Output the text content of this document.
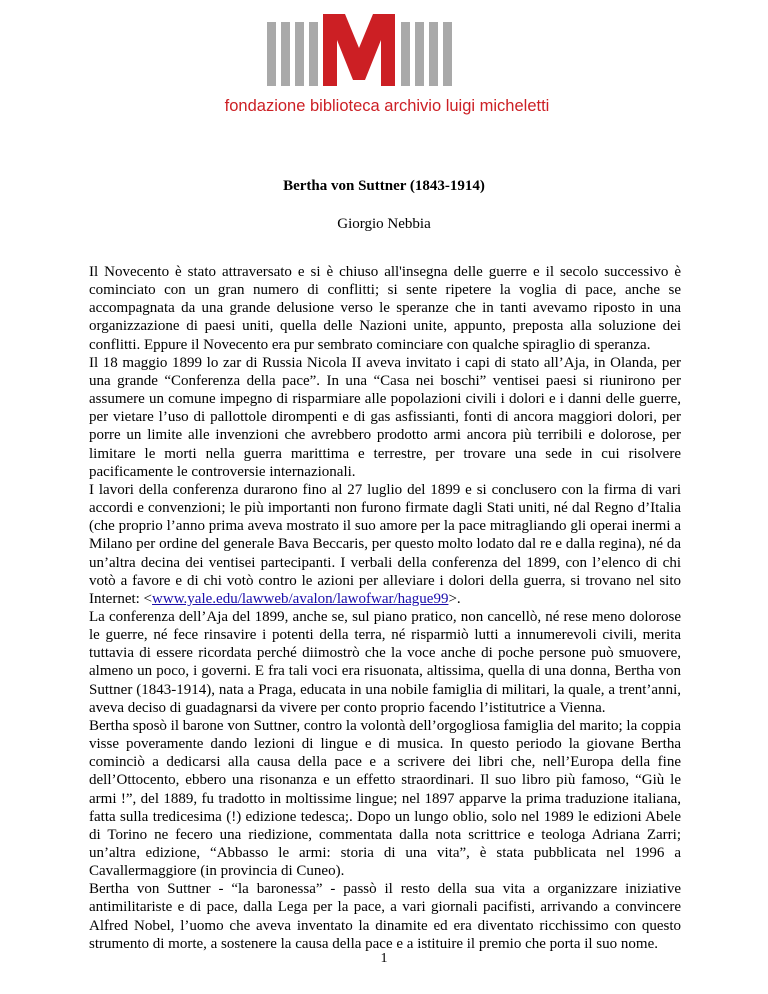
fondazione biblioteca archivio luigi micheletti
Bertha von Suttner (1843-1914)
Giorgio Nebbia

Il Novecento è stato attraversato e si è chiuso all'insegna delle guerre e il secolo successivo è cominciato con un gran numero di conflitti; si sente ripetere la voglia di pace, anche se accompagnata da una grande delusione verso le speranze che in tanti avevamo riposto in una organizzazione di paesi uniti, quella delle Nazioni unite, appunto, preposta alla soluzione dei conflitti. Eppure il Novecento era pur sembrato cominciare con qualche spiraglio di speranza.

Il 18 maggio 1899 lo zar di Russia Nicola II aveva invitato i capi di stato all’Aja, in Olanda, per una grande “Conferenza della pace”. In una “Casa nei boschi” ventisei paesi si riunirono per assumere un comune impegno di risparmiare alle popolazioni civili i dolori e i danni delle guerre, per vietare l’uso di pallottole dirompenti e di gas asfissianti, fonti di ancora maggiori dolori, per porre un limite alle invenzioni che avrebbero prodotto armi ancora più terribili e dolorose, per limitare le morti nella guerra marittima e terrestre, per trovare una sede in cui risolvere pacificamente le controversie internazionali.

I lavori della conferenza durarono fino al 27 luglio del 1899 e si conclusero con la firma di vari accordi e convenzioni; le più importanti non furono firmate dagli Stati uniti, né dal Regno d’Italia (che proprio l’anno prima aveva mostrato il suo amore per la pace mitragliando gli operai inermi a Milano per ordine del generale Bava Beccaris, per questo molto lodato dal re e dalla regina), né da un’altra decina dei ventisei partecipanti. I verbali della conferenza del 1899, con l’elenco di chi votò a favore e di chi votò contro le azioni per alleviare i dolori della guerra, si trovano nel sito Internet: <www.yale.edu/lawweb/avalon/lawofwar/hague99>.

La conferenza dell’Aja del 1899, anche se, sul piano pratico, non cancellò, né rese meno dolorose le guerre, né fece rinsavire i potenti della terra, né risparmiò lutti a innumerevoli civili, merita tuttavia di essere ricordata perché diimostrò che la voce anche di poche persone può smuovere, almeno un poco, i governi. E fra tali voci era risuonata, altissima, quella di una donna, Bertha von Suttner (1843-1914), nata a Praga, educata in una nobile famiglia di militari, la quale, a trent’anni, aveva deciso di guadagnarsi da vivere per conto proprio facendo l’istitutrice a Vienna.

Bertha sposò il barone von Suttner, contro la volontà dell’orgogliosa famiglia del marito; la coppia visse poveramente dando lezioni di lingue e di musica. In questo periodo la giovane Bertha cominciò a dedicarsi alla causa della pace e a scrivere dei libri che, nell’Europa della fine dell’Ottocento, ebbero una risonanza e un effetto straordinari. Il suo libro più famoso, “Giù le armi !”, del 1889, fu tradotto in moltissime lingue; nel 1897 apparve la prima traduzione italiana, fatta sulla tredicesima (!) edizione tedesca;. Dopo un lungo oblio, solo nel 1989 le edizioni Abele di Torino ne fecero una riedizione, commentata dalla nota scrittrice e teologa Adriana Zarri; un’altra edizione, “Abbasso le armi: storia di una vita”, è stata pubblicata nel 1996 a Cavallermaggiore (in provincia di Cuneo).

Bertha von Suttner - “la baronessa” - passò il resto della sua vita a organizzare iniziative antimilitariste e di pace, dalla Lega per la pace, a vari giornali pacifisti, arrivando a convincere Alfred Nobel, l’uomo che aveva inventato la dinamite ed era diventato ricchissimo con questo strumento di morte, a sostenere la causa della pace e a istituire il premio che porta il suo nome.

1
